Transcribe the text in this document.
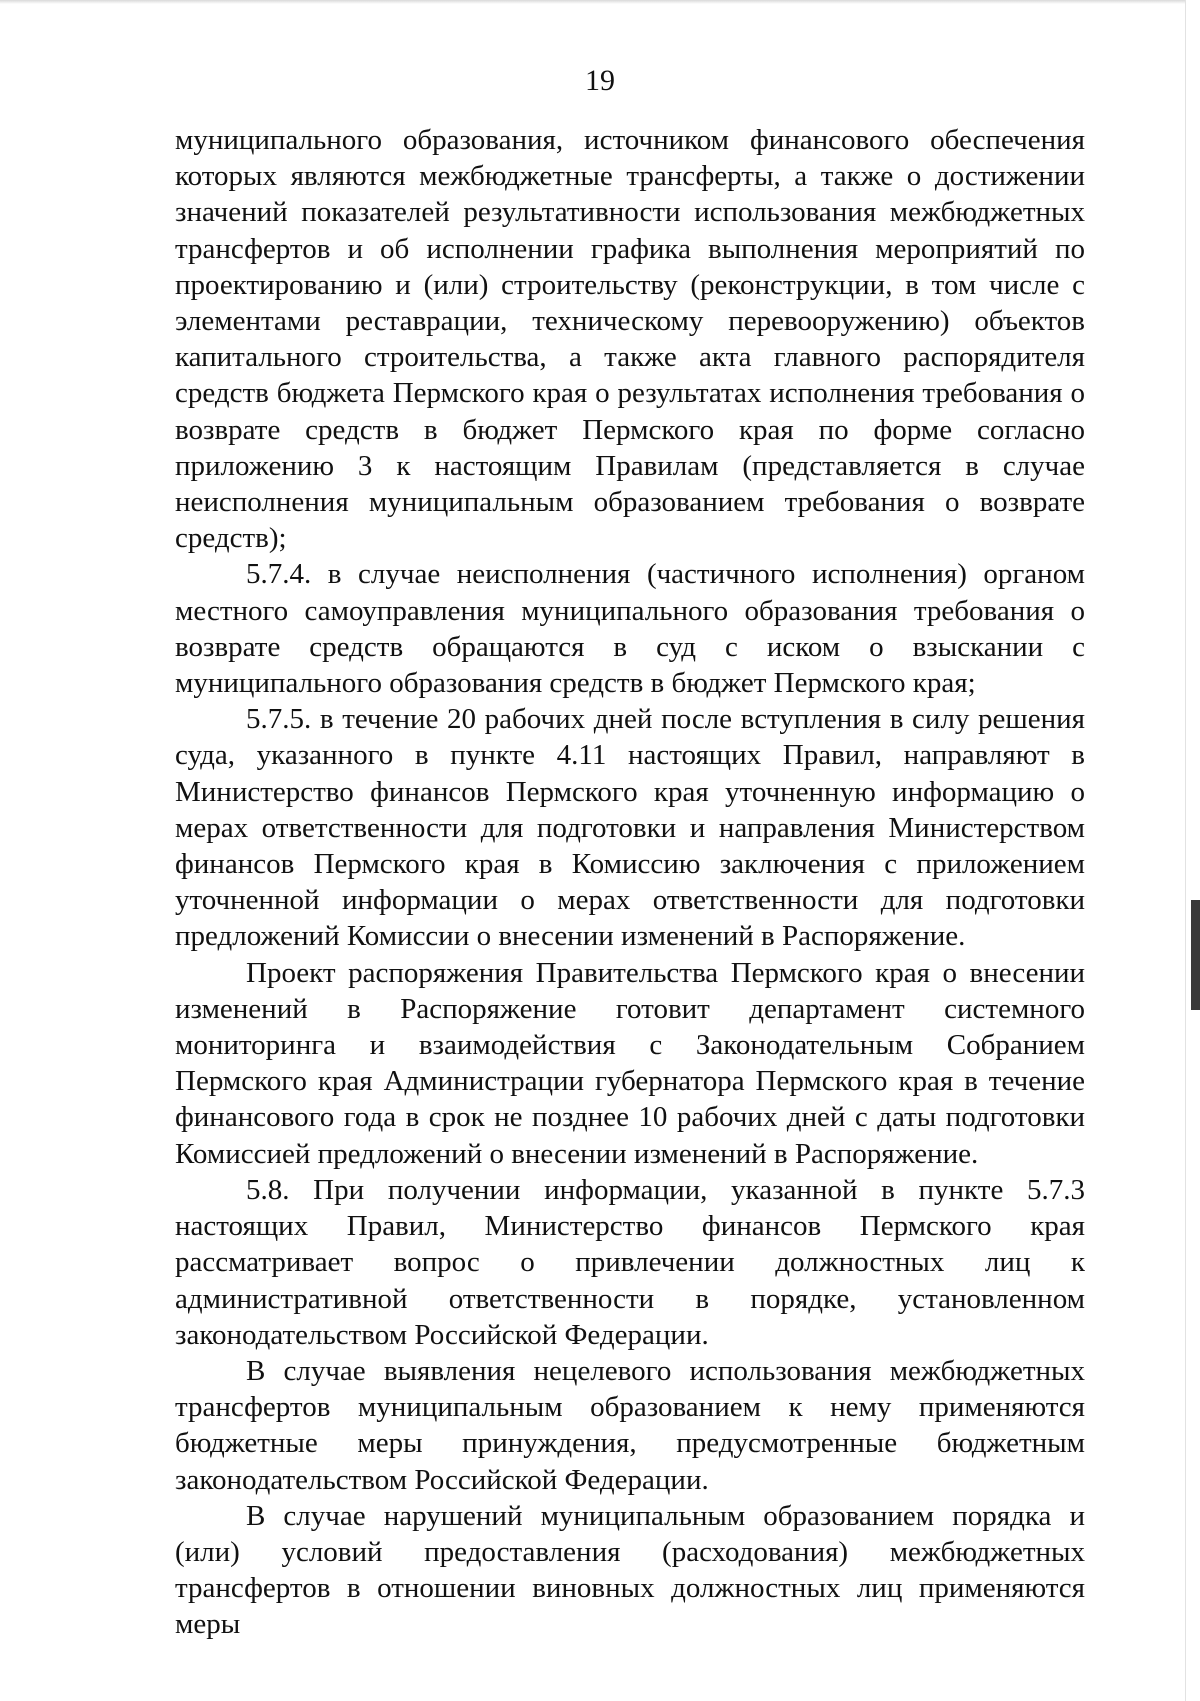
19

муниципального образования, источником финансового обеспечения которых являются межбюджетные трансферты, а также о достижении значений показателей результативности использования межбюджетных трансфертов и об исполнении графика выполнения мероприятий по проектированию и (или) строительству (реконструкции, в том числе с элементами реставрации, техническому перевооружению) объектов капитального строительства, а также акта главного распорядителя средств бюджета Пермского края о результатах исполнения требования о возврате средств в бюджет Пермского края по форме согласно приложению 3 к настоящим Правилам (представляется в случае неисполнения муниципальным образованием требования о возврате средств);

5.7.4. в случае неисполнения (частичного исполнения) органом местного самоуправления муниципального образования требования о возврате средств обращаются в суд с иском о взыскании с муниципального образования средств в бюджет Пермского края;

5.7.5. в течение 20 рабочих дней после вступления в силу решения суда, указанного в пункте 4.11 настоящих Правил, направляют в Министерство финансов Пермского края уточненную информацию о мерах ответственности для подготовки и направления Министерством финансов Пермского края в Комиссию заключения с приложением уточненной информации о мерах ответственности для подготовки предложений Комиссии о внесении изменений в Распоряжение.

Проект распоряжения Правительства Пермского края о внесении изменений в Распоряжение готовит департамент системного мониторинга и взаимодействия с Законодательным Собранием Пермского края Администрации губернатора Пермского края в течение финансового года в срок не позднее 10 рабочих дней с даты подготовки Комиссией предложений о внесении изменений в Распоряжение.

5.8. При получении информации, указанной в пункте 5.7.3 настоящих Правил, Министерство финансов Пермского края рассматривает вопрос о привлечении должностных лиц к административной ответственности в порядке, установленном законодательством Российской Федерации.

В случае выявления нецелевого использования межбюджетных трансфертов муниципальным образованием к нему применяются бюджетные меры принуждения, предусмотренные бюджетным законодательством Российской Федерации.

В случае нарушений муниципальным образованием порядка и (или) условий предоставления (расходования) межбюджетных трансфертов в отношении виновных должностных лиц применяются меры
